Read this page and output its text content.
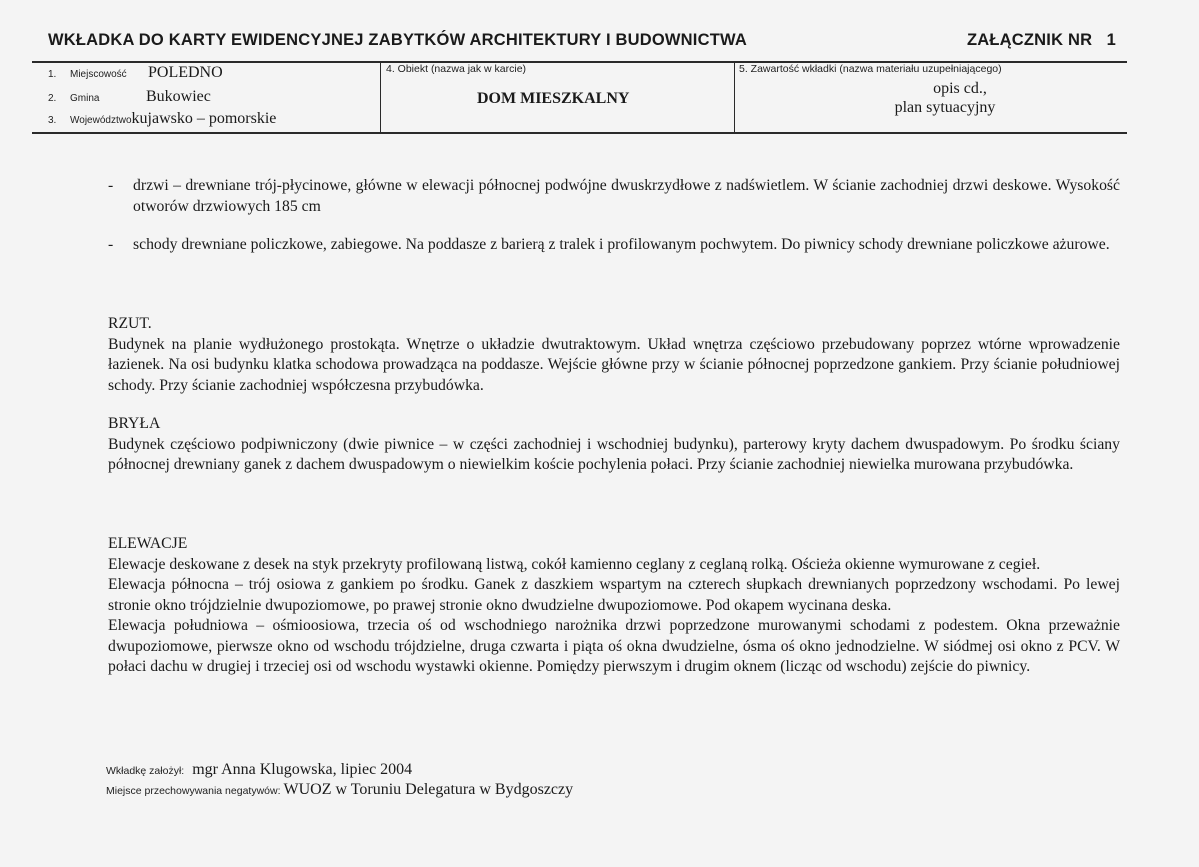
WKŁADKA DO KARTY EWIDENCYJNEJ ZABYTKÓW ARCHITEKTURY I BUDOWNICTWA	ZAŁĄCZNIK NR   1
1.	Miejscowość	POLEDNO
2.	Gmina	Bukowiec
3.	Województwo kujawsko – pomorskie
4. Obiekt (nazwa jak w karcie)
DOM MIESZKALNY
5. Zawartość wkładki (nazwa materiału uzupełniającego)
opis cd.,
plan sytuacyjny
- drzwi – drewniane trój-płycinowe, główne w elewacji północnej podwójne dwuskrzydłowe z nadświetlem. W ścianie zachodniej drzwi deskowe. Wysokość otworów drzwiowych 185 cm
- schody drewniane policzkowe, zabiegowe. Na poddasze z barierą z tralek i profilowanym pochwytem. Do piwnicy schody drewniane policzkowe ażurowe.
RZUT.
Budynek na planie wydłużonego prostokąta. Wnętrze o układzie dwutraktowym. Układ wnętrza częściowo przebudowany poprzez wtórne wprowadzenie łazienek. Na osi budynku klatka schodowa prowadząca na poddasze. Wejście główne przy w ścianie północnej poprzedzone gankiem. Przy ścianie południowej schody. Przy ścianie zachodniej współczesna przybudówka.
BRYŁA
Budynek częściowo podpiwniczony (dwie piwnice – w części zachodniej i wschodniej budynku), parterowy kryty dachem dwuspadowym. Po środku ściany północnej drewniany ganek z dachem dwuspadowym o niewielkim koście pochylenia połaci. Przy ścianie zachodniej niewielka murowana przybudówka.
ELEWACJE
Elewacje deskowane z desek na styk przekryty profilowaną listwą, cokół kamienno ceglany z ceglaną rolką. Ościeża okienne wymurowane z cegieł.
Elewacja północna – trój osiowa z gankiem po środku. Ganek z daszkiem wspartym na czterech słupkach drewnianych poprzedzony wschodami. Po lewej stronie okno trójdzielnie dwupoziomowe, po prawej stronie okno dwudzielne dwupoziomowe. Pod okapem wycinana deska.
Elewacja południowa – ośmioosiowa, trzecia oś od wschodniego narożnika drzwi poprzedzone murowanymi schodami z podestem. Okna przeważnie dwupoziomowe, pierwsze okno od wschodu trójdzielne, druga czwarta i piąta oś okna dwudzielne, ósma oś okno jednodzielne. W siódmej osi okno z PCV. W połaci dachu w drugiej i trzeciej osi od wschodu wystawki okienne. Pomiędzy pierwszym i drugim oknem (licząc od wschodu) zejście do piwnicy.
Wkładkę założył: mgr Anna Klugowska, lipiec 2004
Miejsce przechowywania negatywów: WUOZ w Toruniu Delegatura w Bydgoszczy
